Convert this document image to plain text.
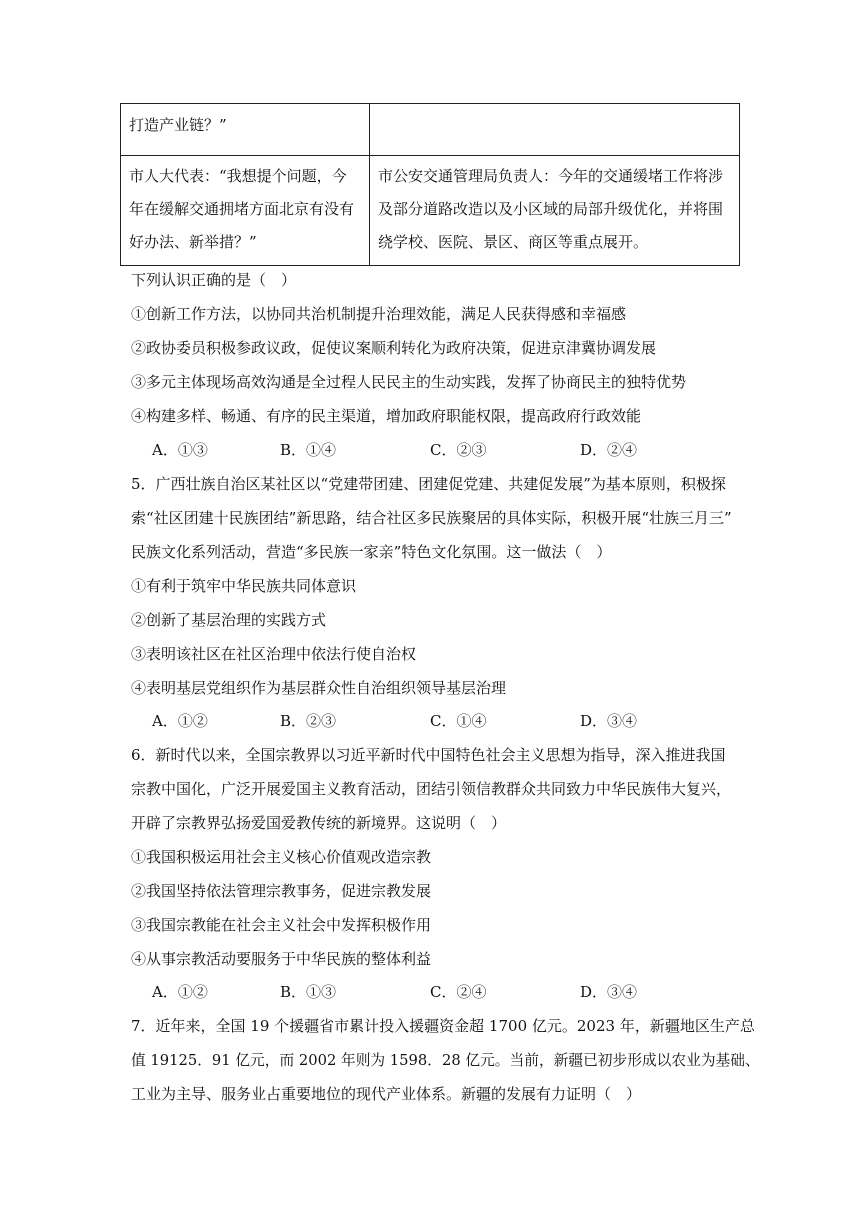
打造产业链？”	
市人大代表：“我想提个问题，今年在缓解交通拥堵方面北京有没有好办法、新举措？”	市公安交通管理局负责人：今年的交通缓堵工作将涉及部分道路改造以及小区域的局部升级优化，并将围绕学校、医院、景区、商区等重点展开。
下列认识正确的是（　）
①创新工作方法，以协同共治机制提升治理效能，满足人民获得感和幸福感
②政协委员积极参政议政，促使议案顺利转化为政府决策，促进京津冀协调发展
③多元主体现场高效沟通是全过程人民民主的生动实践，发挥了协商民主的独特优势
④构建多样、畅通、有序的民主渠道，增加政府职能权限，提高政府行政效能
A．①③	B．①④	C．②③	D．②④
5．广西壮族自治区某社区以“党建带团建、团建促党建、共建促发展”为基本原则，积极探
索“社区团建十民族团结”新思路，结合社区多民族聚居的具体实际，积极开展“壮族三月三”
民族文化系列活动，营造“多民族一家亲”特色文化氛围。这一做法（　）
①有利于筑牢中华民族共同体意识
②创新了基层治理的实践方式
③表明该社区在社区治理中依法行使自治权
④表明基层党组织作为基层群众性自治组织领导基层治理
A．①②	B．②③	C．①④	D．③④
6．新时代以来，全国宗教界以习近平新时代中国特色社会主义思想为指导，深入推进我国
宗教中国化，广泛开展爱国主义教育活动，团结引领信教群众共同致力中华民族伟大复兴，
开辟了宗教界弘扬爱国爱教传统的新境界。这说明（　）
①我国积极运用社会主义核心价值观改造宗教
②我国坚持依法管理宗教事务，促进宗教发展
③我国宗教能在社会主义社会中发挥积极作用
④从事宗教活动要服务于中华民族的整体利益
A．①②	B．①③	C．②④	D．③④
7．近年来，全国 19 个援疆省市累计投入援疆资金超 1700 亿元。2023 年，新疆地区生产总
值 19125．91 亿元，而 2002 年则为 1598．28 亿元。当前，新疆已初步形成以农业为基础、
工业为主导、服务业占重要地位的现代产业体系。新疆的发展有力证明（　）
